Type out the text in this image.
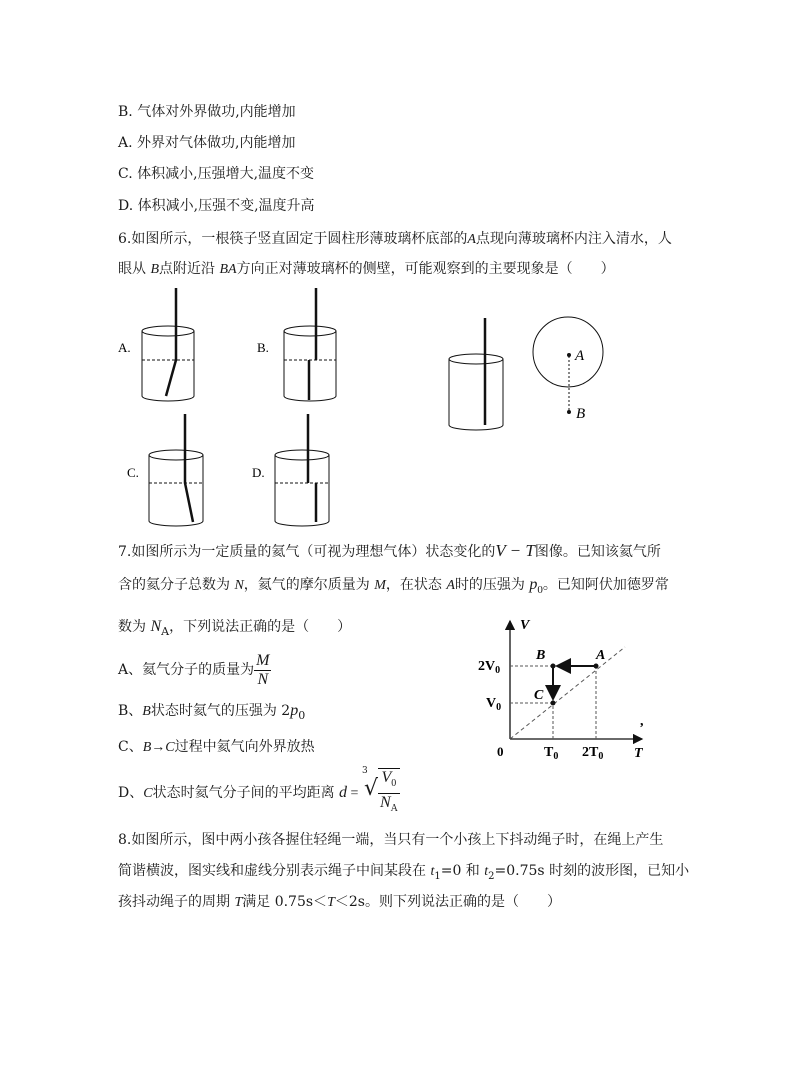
B. 气体对外界做功,内能增加
A. 外界对气体做功,内能增加
C. 体积减小,压强增大,温度不变
D. 体积减小,压强不变,温度升高
6.如图所示，一根筷子竖直固定于圆柱形薄玻璃杯底部的A点现向薄玻璃杯内注入清水，人
眼从 B点附近沿 BA方向正对薄玻璃杯的侧壁，可能观察到的主要现象是（　　）
A.	B.
C.	D.
A
B
7.如图所示为一定质量的氦气（可视为理想气体）状态变化的V − T图像。已知该氦气所
含的氦分子总数为 N，氦气的摩尔质量为 M，在状态 A时的压强为 $p_0$。已知阿伏加德罗常
数为 $N_A$，下列说法正确的是（　　）
A、氦气分子的质量为 $\frac{M}{N}$
B、B状态时氦气的压强为 $2p_0$
C、B→C过程中氦气向外界放热
D、C状态时氦气分子间的平均距离 d =
3
√ $\frac{V_0}{N_A}$
V
T
0
A
B
C
$2V_0$
$V_0$
$T_0$ $2T_0$
,
8.如图所示，图中两小孩各握住轻绳一端，当只有一个小孩上下抖动绳子时，在绳上产生
简谐横波，图实线和虚线分别表示绳子中间某段在 $t_1=0$ 和 $t_2=0.75s$ 时刻的波形图，已知小
孩抖动绳子的周期 T满足 0.75s＜T＜2s。则下列说法正确的是（　　）
